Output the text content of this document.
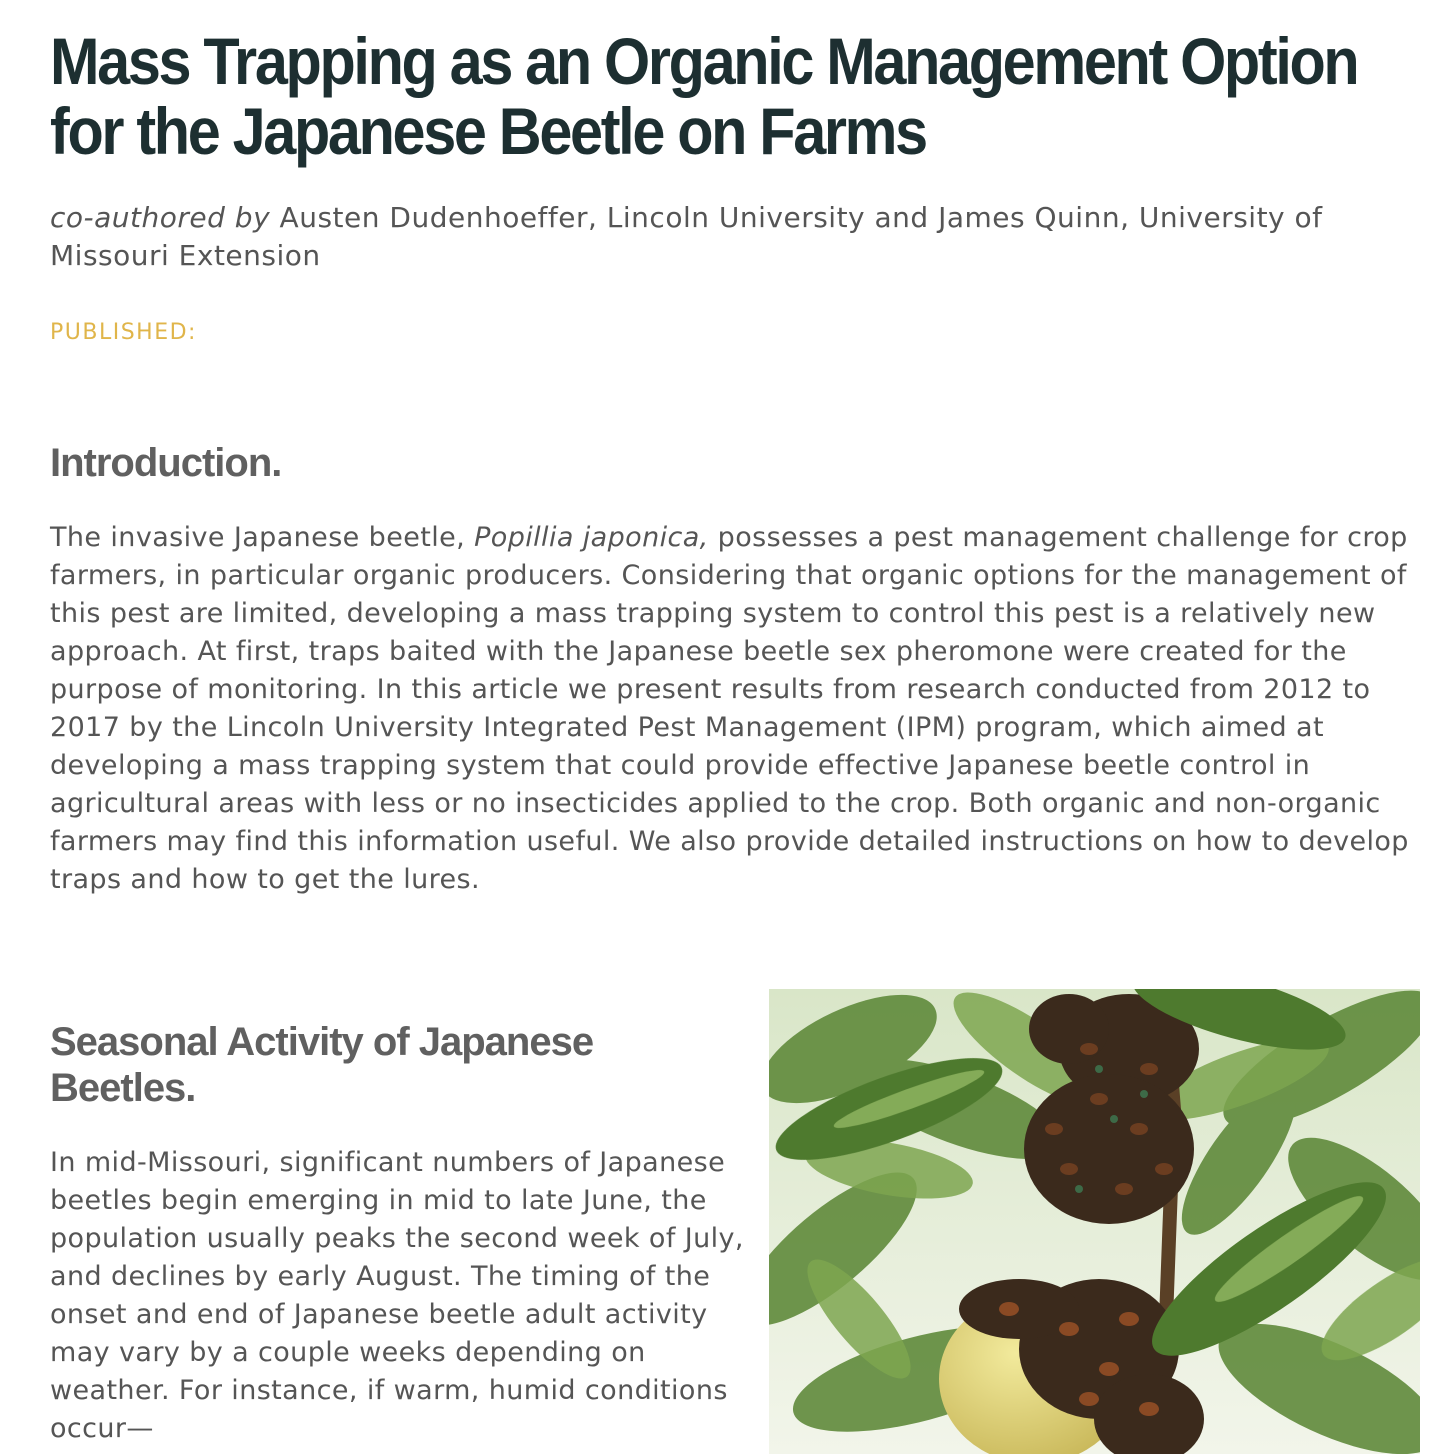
Mass Trapping as an Organic Management Option
for the Japanese Beetle on Farms

co-authored by Austen Dudenhoeffer, Lincoln University and James Quinn, University of Missouri Extension

PUBLISHED:
Introduction.

The invasive Japanese beetle, Popillia japonica, possesses a pest management challenge for crop farmers, in particular organic producers. Considering that organic options for the management of this pest are limited, developing a mass trapping system to control this pest is a relatively new approach. At first, traps baited with the Japanese beetle sex pheromone were created for the purpose of monitoring. In this article we present results from research conducted from 2012 to 2017 by the Lincoln University Integrated Pest Management (IPM) program, which aimed at developing a mass trapping system that could provide effective Japanese beetle control in agricultural areas with less or no insecticides applied to the crop. Both organic and non-organic farmers may find this information useful. We also provide detailed instructions on how to develop traps and how to get the lures.

Seasonal Activity of Japanese Beetles.

In mid-Missouri, significant numbers of Japanese beetles begin emerging in mid to late June, the population usually peaks the second week of July, and declines by early August. The timing of the onset and end of Japanese beetle adult activity may vary by a couple weeks depending on weather. For instance, if warm, humid conditions occur—
